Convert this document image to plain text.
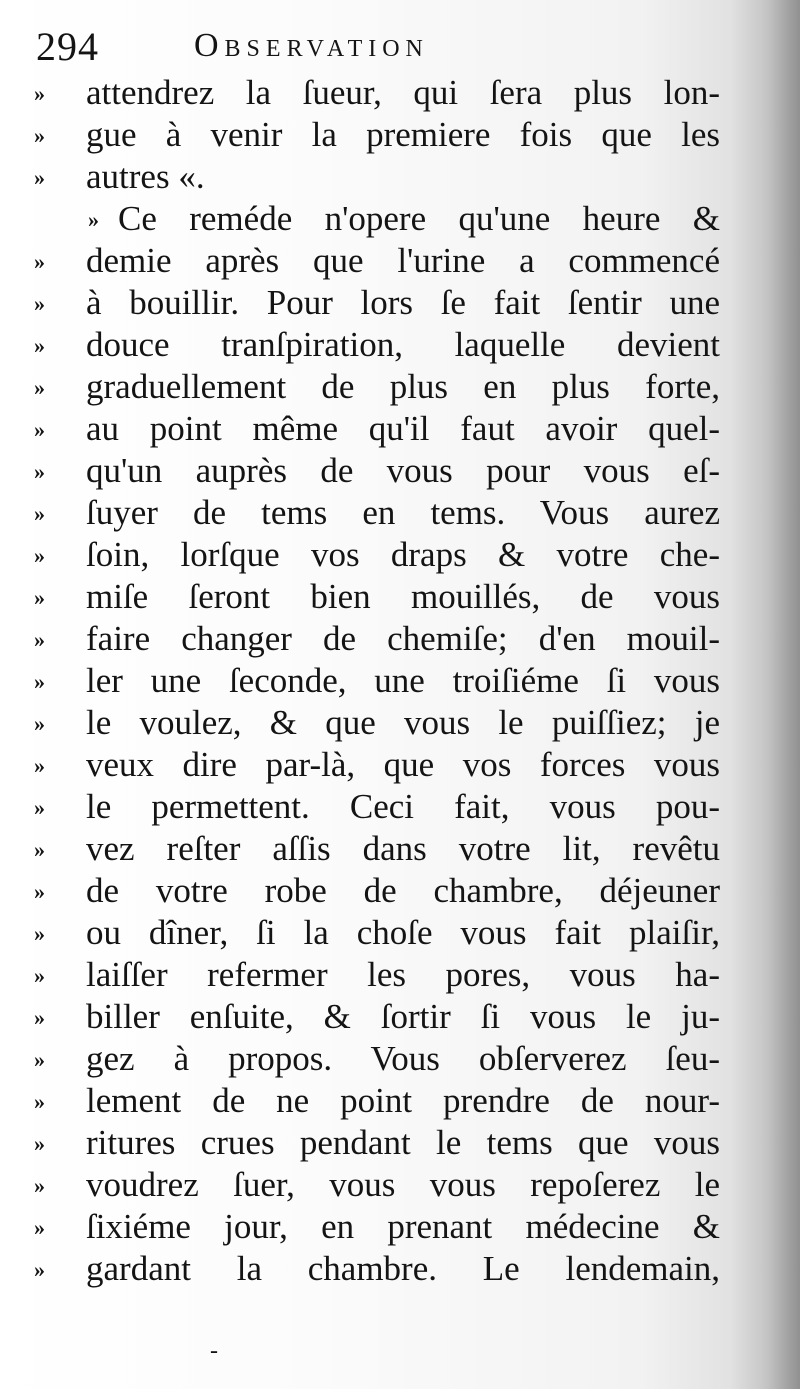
294	Observation
»	attendrez la ſueur, qui ſera plus lon-
»	gue à venir la premiere fois que les
»	autres «.
» Ce reméde n'opere qu'une heure &
»	demie après que l'urine a commencé
»	à bouillir. Pour lors ſe fait ſentir une
»	douce tranſpiration, laquelle devient
»	graduellement de plus en plus forte,
»	au point même qu'il faut avoir quel-
»	qu'un auprès de vous pour vous eſ-
»	ſuyer de tems en tems. Vous aurez
»	ſoin, lorſque vos draps & votre che-
»	miſe ſeront bien mouillés, de vous
»	faire changer de chemiſe; d'en mouil-
»	ler une ſeconde, une troiſiéme ſi vous
»	le voulez, & que vous le puiſſiez; je
»	veux dire par-là, que vos forces vous
»	le permettent. Ceci fait, vous pou-
»	vez reſter aſſis dans votre lit, revêtu
»	de votre robe de chambre, déjeuner
»	ou dîner, ſi la choſe vous fait plaiſir,
»	laiſſer refermer les pores, vous ha-
»	biller enſuite, & ſortir ſi vous le ju-
»	gez à propos. Vous obſerverez ſeu-
»	lement de ne point prendre de nour-
»	ritures crues pendant le tems que vous
»	voudrez ſuer, vous vous repoſerez le
»	ſixiéme jour, en prenant médecine &
»	gardant la chambre. Le lendemain,
-
